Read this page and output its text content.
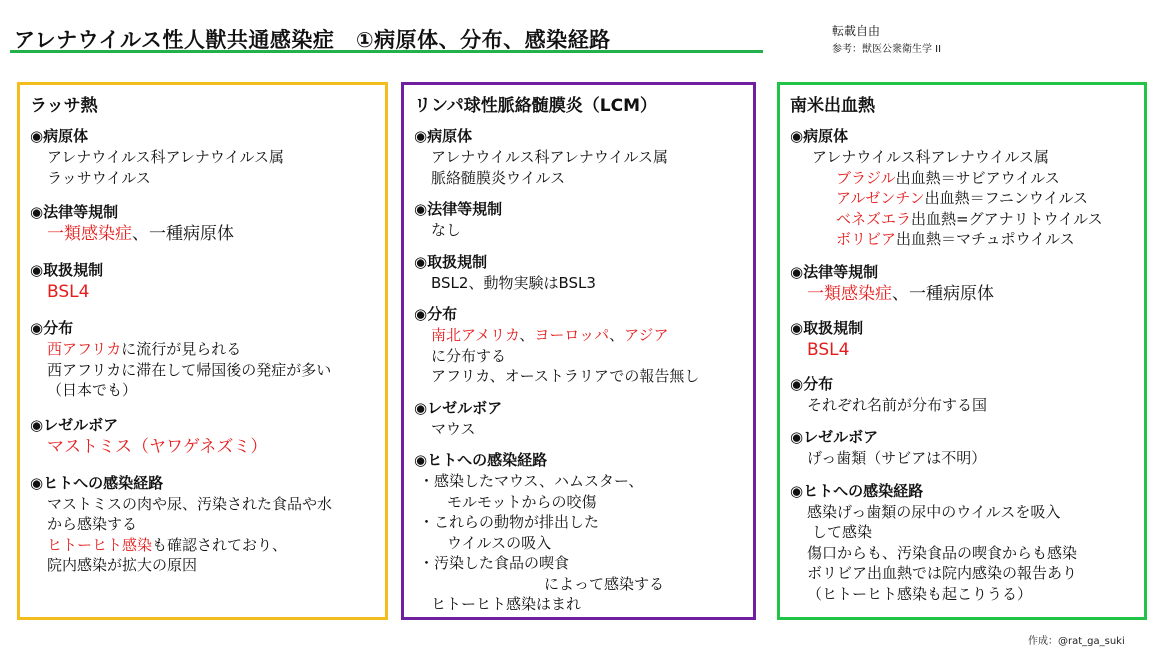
アレナウイルス性人獣共通感染症　①病原体、分布、感染経路	転載自由
参考：獣医公衆衛生学 II
ラッサ熱
◉病原体
アレナウイルス科アレナウイルス属
ラッサウイルス
◉法律等規制
一類感染症、一種病原体
◉取扱規制
BSL4
◉分布
西アフリカに流行が見られる
西アフリカに滞在して帰国後の発症が多い
（日本でも）
◉レゼルボア
マストミス（ヤワゲネズミ）
◉ヒトへの感染経路
マストミスの肉や尿、汚染された食品や水
から感染する
ヒトーヒト感染も確認されており、
院内感染が拡大の原因
リンパ球性脈絡髄膜炎（LCM）
◉病原体
アレナウイルス科アレナウイルス属
脈絡髄膜炎ウイルス
◉法律等規制
なし
◉取扱規制
BSL2、動物実験はBSL3
◉分布
南北アメリカ、ヨーロッパ、アジア
に分布する
アフリカ、オーストラリアでの報告無し
◉レゼルボア
マウス
◉ヒトへの感染経路
・感染したマウス、ハムスター、
モルモットからの咬傷
・これらの動物が排出した
ウイルスの吸入
・汚染した食品の喫食
によって感染する
ヒトーヒト感染はまれ
南米出血熱
◉病原体
アレナウイルス科アレナウイルス属
ブラジル出血熱＝サビアウイルス
アルゼンチン出血熱＝フニンウイルス
ベネズエラ出血熱=グアナリトウイルス
ボリビア出血熱＝マチュポウイルス
◉法律等規制
一類感染症、一種病原体
◉取扱規制
BSL4
◉分布
それぞれ名前が分布する国
◉レゼルボア
げっ歯類（サビアは不明）
◉ヒトへの感染経路
感染げっ歯類の尿中のウイルスを吸入
して感染
傷口からも、汚染食品の喫食からも感染
ボリビア出血熱では院内感染の報告あり
（ヒトーヒト感染も起こりうる）
作成：@rat_ga_suki
